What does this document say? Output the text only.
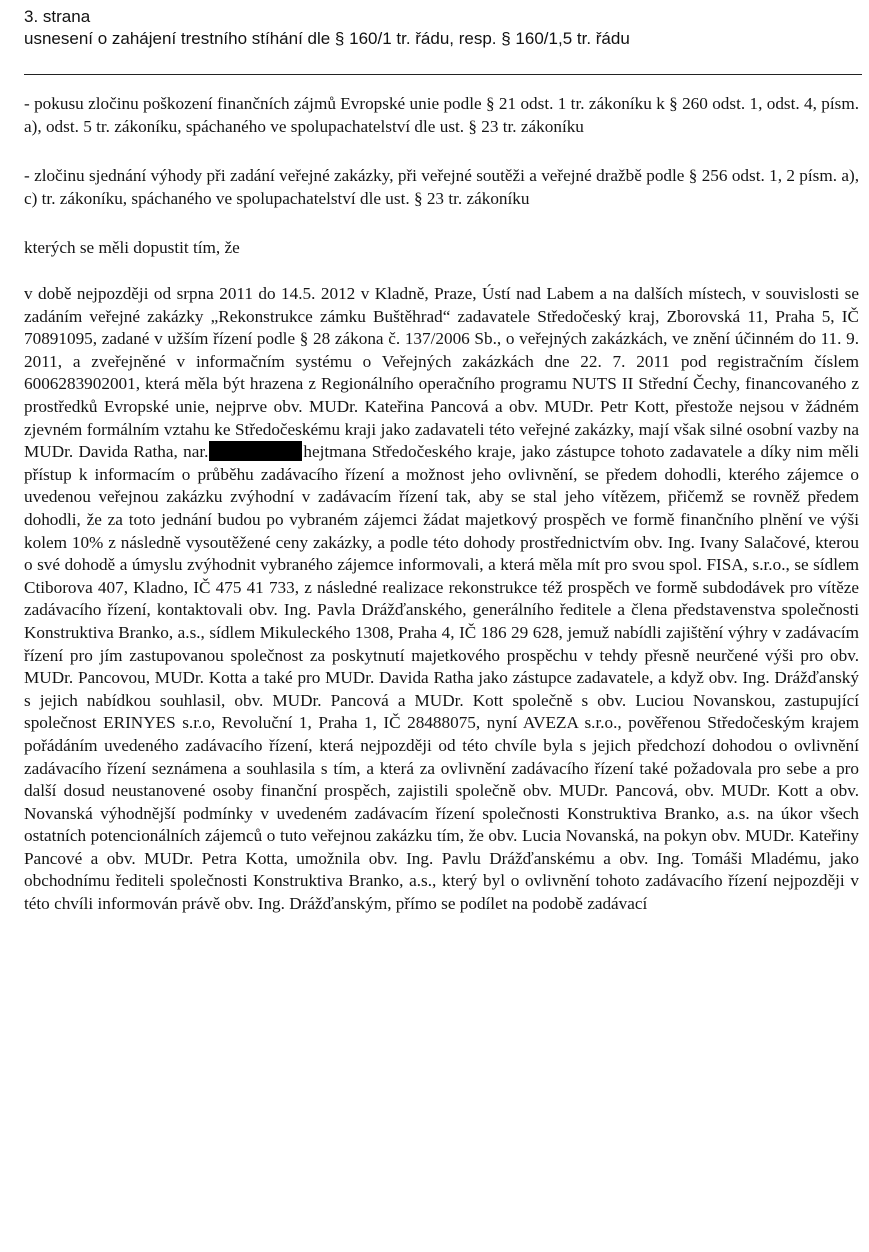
3. strana
usnesení o zahájení trestního stíhání dle § 160/1 tr. řádu, resp. § 160/1,5 tr. řádu

- pokusu zločinu poškození finančních zájmů Evropské unie podle § 21 odst. 1 tr. zákoníku k § 260 odst. 1, odst. 4, písm. a), odst. 5 tr. zákoníku, spáchaného ve spolupachatelství dle ust. § 23 tr. zákoníku

- zločinu sjednání výhody při zadání veřejné zakázky, při veřejné soutěži a veřejné dražbě podle § 256 odst. 1, 2 písm. a), c) tr. zákoníku, spáchaného ve spolupachatelství dle ust. § 23 tr. zákoníku

kterých se měli dopustit tím, že

v době nejpozději od srpna 2011 do 14.5. 2012 v Kladně, Praze, Ústí nad Labem a na dalších místech, v souvislosti se zadáním veřejné zakázky „Rekonstrukce zámku Buštěhrad“ zadavatele Středočeský kraj, Zborovská 11, Praha 5, IČ 70891095, zadané v užším řízení podle § 28 zákona č. 137/2006 Sb., o veřejných zakázkách, ve znění účinném do 11. 9. 2011, a zveřejněné v informačním systému o Veřejných zakázkách dne 22. 7. 2011 pod registračním číslem 6006283902001, která měla být hrazena z Regionálního operačního programu NUTS II Střední Čechy, financovaného z prostředků Evropské unie, nejprve obv. MUDr. Kateřina Pancová a obv. MUDr. Petr Kott, přestože nejsou v žádném zjevném formálním vztahu ke Středočeskému kraji jako zadavateli této veřejné zakázky, mají však silné osobní vazby na MUDr. Davida Ratha, nar.	hejtmana Středočeského kraje, jako zástupce tohoto zadavatele a díky nim měli přístup k informacím o průběhu zadávacího řízení a možnost jeho ovlivnění, se předem dohodli, kterého zájemce o uvedenou veřejnou zakázku zvýhodní v zadávacím řízení tak, aby se stal jeho vítězem, přičemž se rovněž předem dohodli, že za toto jednání budou po vybraném zájemci žádat majetkový prospěch ve formě finančního plnění ve výši kolem 10% z následně vysoutěžené ceny zakázky, a podle této dohody prostřednictvím obv. Ing. Ivany Salačové, kterou o své dohodě a úmyslu zvýhodnit vybraného zájemce informovali, a která měla mít pro svou spol. FISA, s.r.o., se sídlem Ctiborova 407, Kladno, IČ 475 41 733, z následné realizace rekonstrukce též prospěch ve formě subdodávek pro vítěze zadávacího řízení, kontaktovali obv. Ing. Pavla Drážďanského, generálního ředitele a člena představenstva společnosti Konstruktiva Branko, a.s., sídlem Mikuleckého 1308, Praha 4, IČ 186 29 628, jemuž nabídli zajištění výhry v zadávacím řízení pro jím zastupovanou společnost za poskytnutí majetkového prospěchu v tehdy přesně neurčené výši pro obv. MUDr. Pancovou, MUDr. Kotta a také pro MUDr. Davida Ratha jako zástupce zadavatele, a když obv. Ing. Drážďanský s jejich nabídkou souhlasil, obv. MUDr. Pancová a MUDr. Kott společně s obv. Luciou Novanskou, zastupující společnost ERINYES s.r.o, Revoluční 1, Praha 1, IČ 28488075, nyní AVEZA s.r.o., pověřenou Středočeským krajem pořádáním uvedeného zadávacího řízení, která nejpozději od této chvíle byla s jejich předchozí dohodou o ovlivnění zadávacího řízení seznámena a souhlasila s tím, a která za ovlivnění zadávacího řízení také požadovala pro sebe a pro další dosud neustanovené osoby finanční prospěch, zajistili společně obv. MUDr. Pancová, obv. MUDr. Kott a obv. Novanská výhodnější podmínky v uvedeném zadávacím řízení společnosti Konstruktiva Branko, a.s. na úkor všech ostatních potencionálních zájemců o tuto veřejnou zakázku tím, že obv. Lucia Novanská, na pokyn obv. MUDr. Kateřiny Pancové a obv. MUDr. Petra Kotta, umožnila obv. Ing. Pavlu Drážďanskému a obv. Ing. Tomáši Mladému, jako obchodnímu řediteli společnosti Konstruktiva Branko, a.s., který byl o ovlivnění tohoto zadávacího řízení nejpozději v této chvíli informován právě obv. Ing. Drážďanským, přímo se podílet na podobě zadávací
